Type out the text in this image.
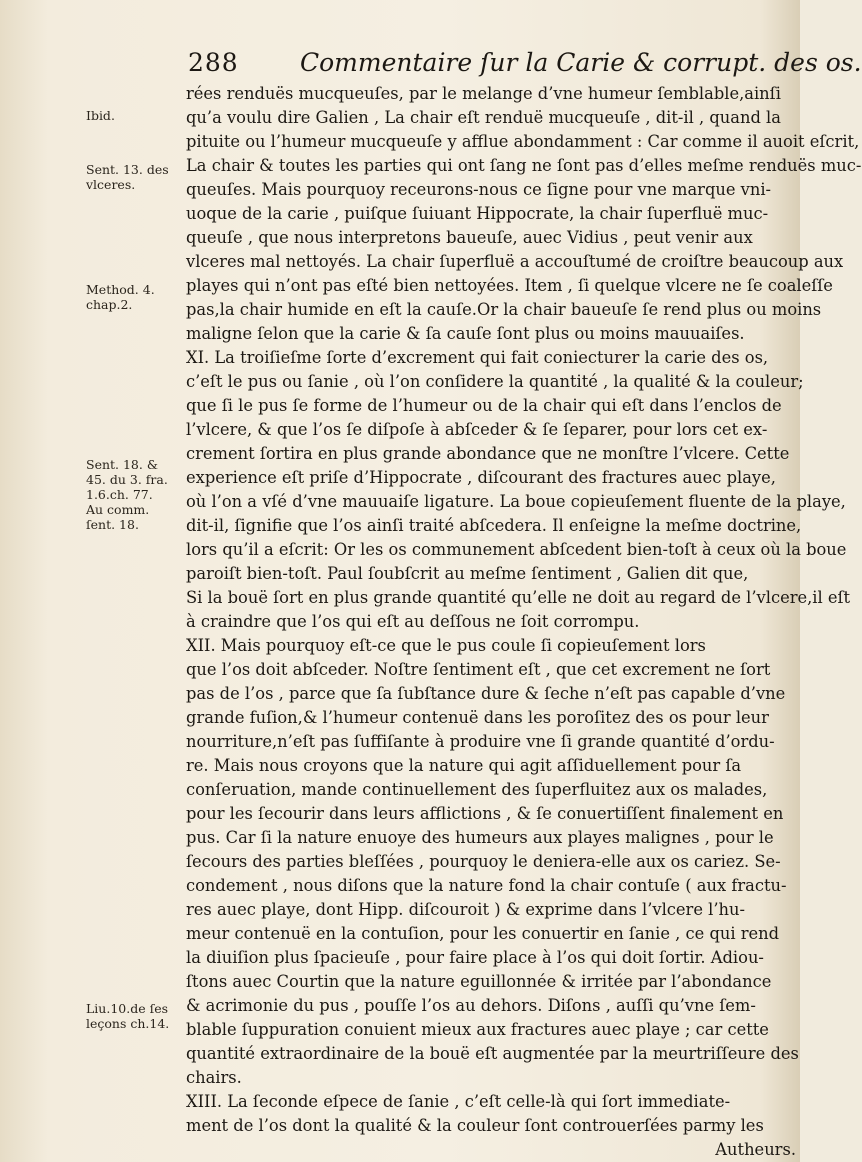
288 Commentaire ſur la Carie & corrupt. des os.
Ibid.
Sent. 13. des
vlceres.
Method. 4.
chap.2.
Sent. 18. &
45. du 3. fra.
1.6.ch. 77.
Au comm.
ſent. 18.
Liu.10.de ſes
leçons ch.14.
rées renduës mucqueuſes, par le melange d’vne humeur ſemblable,ainſi
qu’a voulu dire Galien , La chair eſt renduë mucqueuſe , dit-il , quand la
pituite ou l’humeur mucqueuſe y afflue abondamment : Car comme il auoit eſcrit,
La chair & toutes les parties qui ont ſang ne ſont pas d’elles meſme renduës muc-
queuſes. Mais pourquoy receurons-nous ce ſigne pour vne marque vni-
uoque de la carie , puiſque ſuiuant Hippocrate, la chair ſuperfluë muc-
queuſe , que nous interpretons baueuſe, auec Vidius , peut venir aux
vlceres mal nettoyés. La chair ſuperfluë a accouſtumé de croiſtre beaucoup aux
playes qui n’ont pas eſté bien nettoyées. Item , ſi quelque vlcere ne ſe coaleſſe
pas,la chair humide en eſt la cauſe.Or la chair baueuſe ſe rend plus ou moins
maligne ſelon que la carie & ſa cauſe ſont plus ou moins mauuaiſes.
XI. La troiſieſme ſorte d’excrement qui fait coniecturer la carie des os,
c’eſt le pus ou ſanie , où l’on conſidere la quantité , la qualité & la couleur;
que ſi le pus ſe forme de l’humeur ou de la chair qui eſt dans l’enclos de
l’vlcere, & que l’os ſe diſpoſe à abſceder & ſe ſeparer, pour lors cet ex-
crement ſortira en plus grande abondance que ne monſtre l’vlcere. Cette
experience eſt priſe d’Hippocrate , diſcourant des fractures auec playe,
où l’on a vſé d’vne mauuaiſe ligature. La boue copieuſement fluente de la playe,
dit-il, ſignifie que l’os ainſi traité abſcedera. Il enſeigne la meſme doctrine,
lors qu’il a eſcrit: Or les os communement abſcedent bien-toſt à ceux où la boue
paroiſt bien-toſt. Paul ſoubſcrit au meſme ſentiment , Galien dit que,
Si la bouë ſort en plus grande quantité qu’elle ne doit au regard de l’vlcere,il eſt
à craindre que l’os qui eſt au deſſous ne ſoit corrompu.
XII. Mais pourquoy eſt-ce que le pus coule ſi copieuſement lors
que l’os doit abſceder. Noſtre ſentiment eſt , que cet excrement ne ſort
pas de l’os , parce que ſa ſubſtance dure & ſeche n’eſt pas capable d’vne
grande fuſion,& l’humeur contenuë dans les poroſitez des os pour leur
nourriture,n’eſt pas ſuffiſante à produire vne ſi grande quantité d’ordu-
re. Mais nous croyons que la nature qui agit aſſiduellement pour ſa
conſeruation, mande continuellement des ſuperfluitez aux os malades,
pour les ſecourir dans leurs afflictions , & ſe conuertiſſent finalement en
pus. Car ſi la nature enuoye des humeurs aux playes malignes , pour le
ſecours des parties bleſſées , pourquoy le deniera-elle aux os cariez. Se-
condement , nous diſons que la nature fond la chair contuſe ( aux fractu-
res auec playe, dont Hipp. diſcouroit ) & exprime dans l’vlcere l’hu-
meur contenuë en la contuſion, pour les conuertir en ſanie , ce qui rend
la diuiſion plus ſpacieuſe , pour faire place à l’os qui doit ſortir. Adiou-
ſtons auec Courtin que la nature eguillonnée & irritée par l’abondance
& acrimonie du pus , pouſſe l’os au dehors. Diſons , auſſi qu’vne ſem-
blable ſuppuration conuient mieux aux fractures auec playe ; car cette
quantité extraordinaire de la bouë eſt augmentée par la meurtriſſeure des
chairs.
XIII. La ſeconde eſpece de ſanie , c’eſt celle-là qui ſort immediate-
ment de l’os dont la qualité & la couleur ſont controuerſées parmy les
Autheurs.
